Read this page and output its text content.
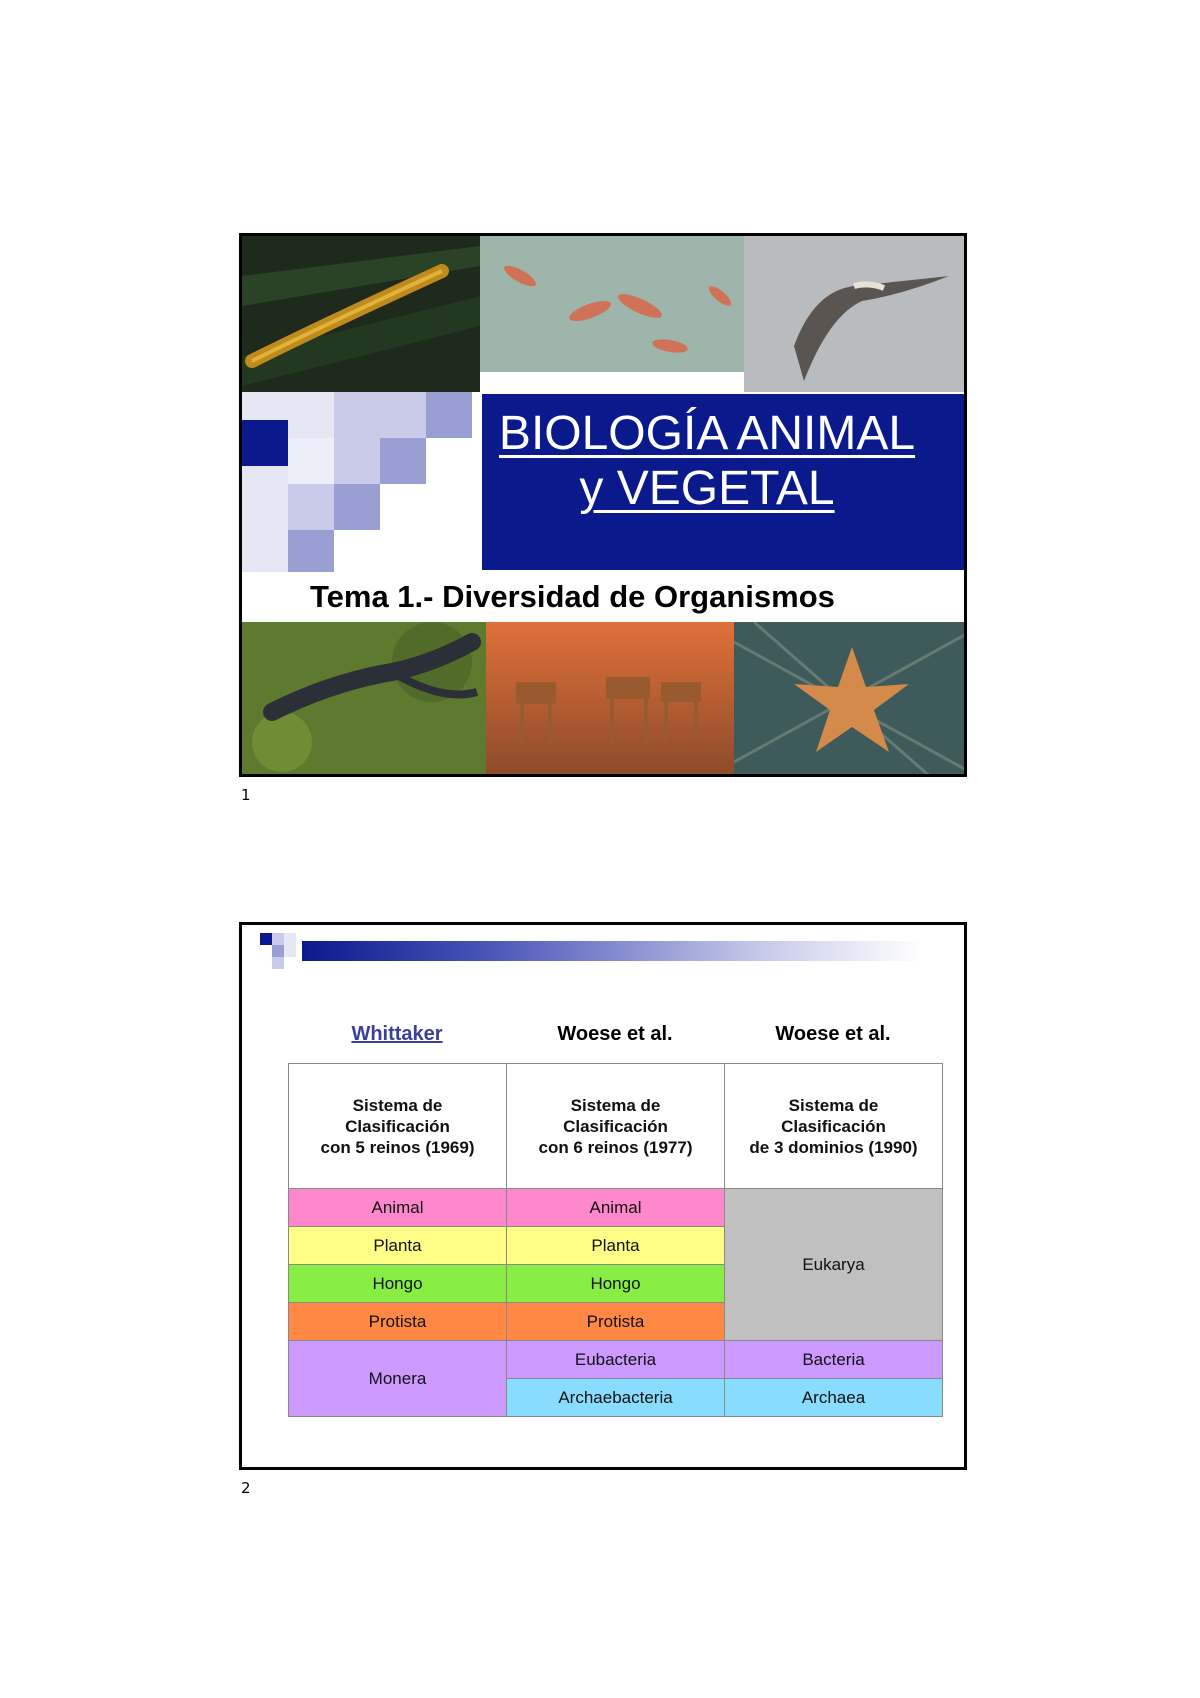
BIOLOGÍA ANIMAL
y VEGETAL
Tema 1.- Diversidad de Organismos
1
Whittaker	Woese et al.	Woese et al.
Sistema de
Clasificación
con 5 reinos (1969)	Sistema de
Clasificación
con 6 reinos (1977)	Sistema de
Clasificación
de 3 dominios (1990)
Animal	Animal	Eukarya
Planta	Planta	
Hongo	Hongo	
Protista	Protista	
Monera	Eubacteria	Bacteria
	Archaebacteria	Archaea
2
